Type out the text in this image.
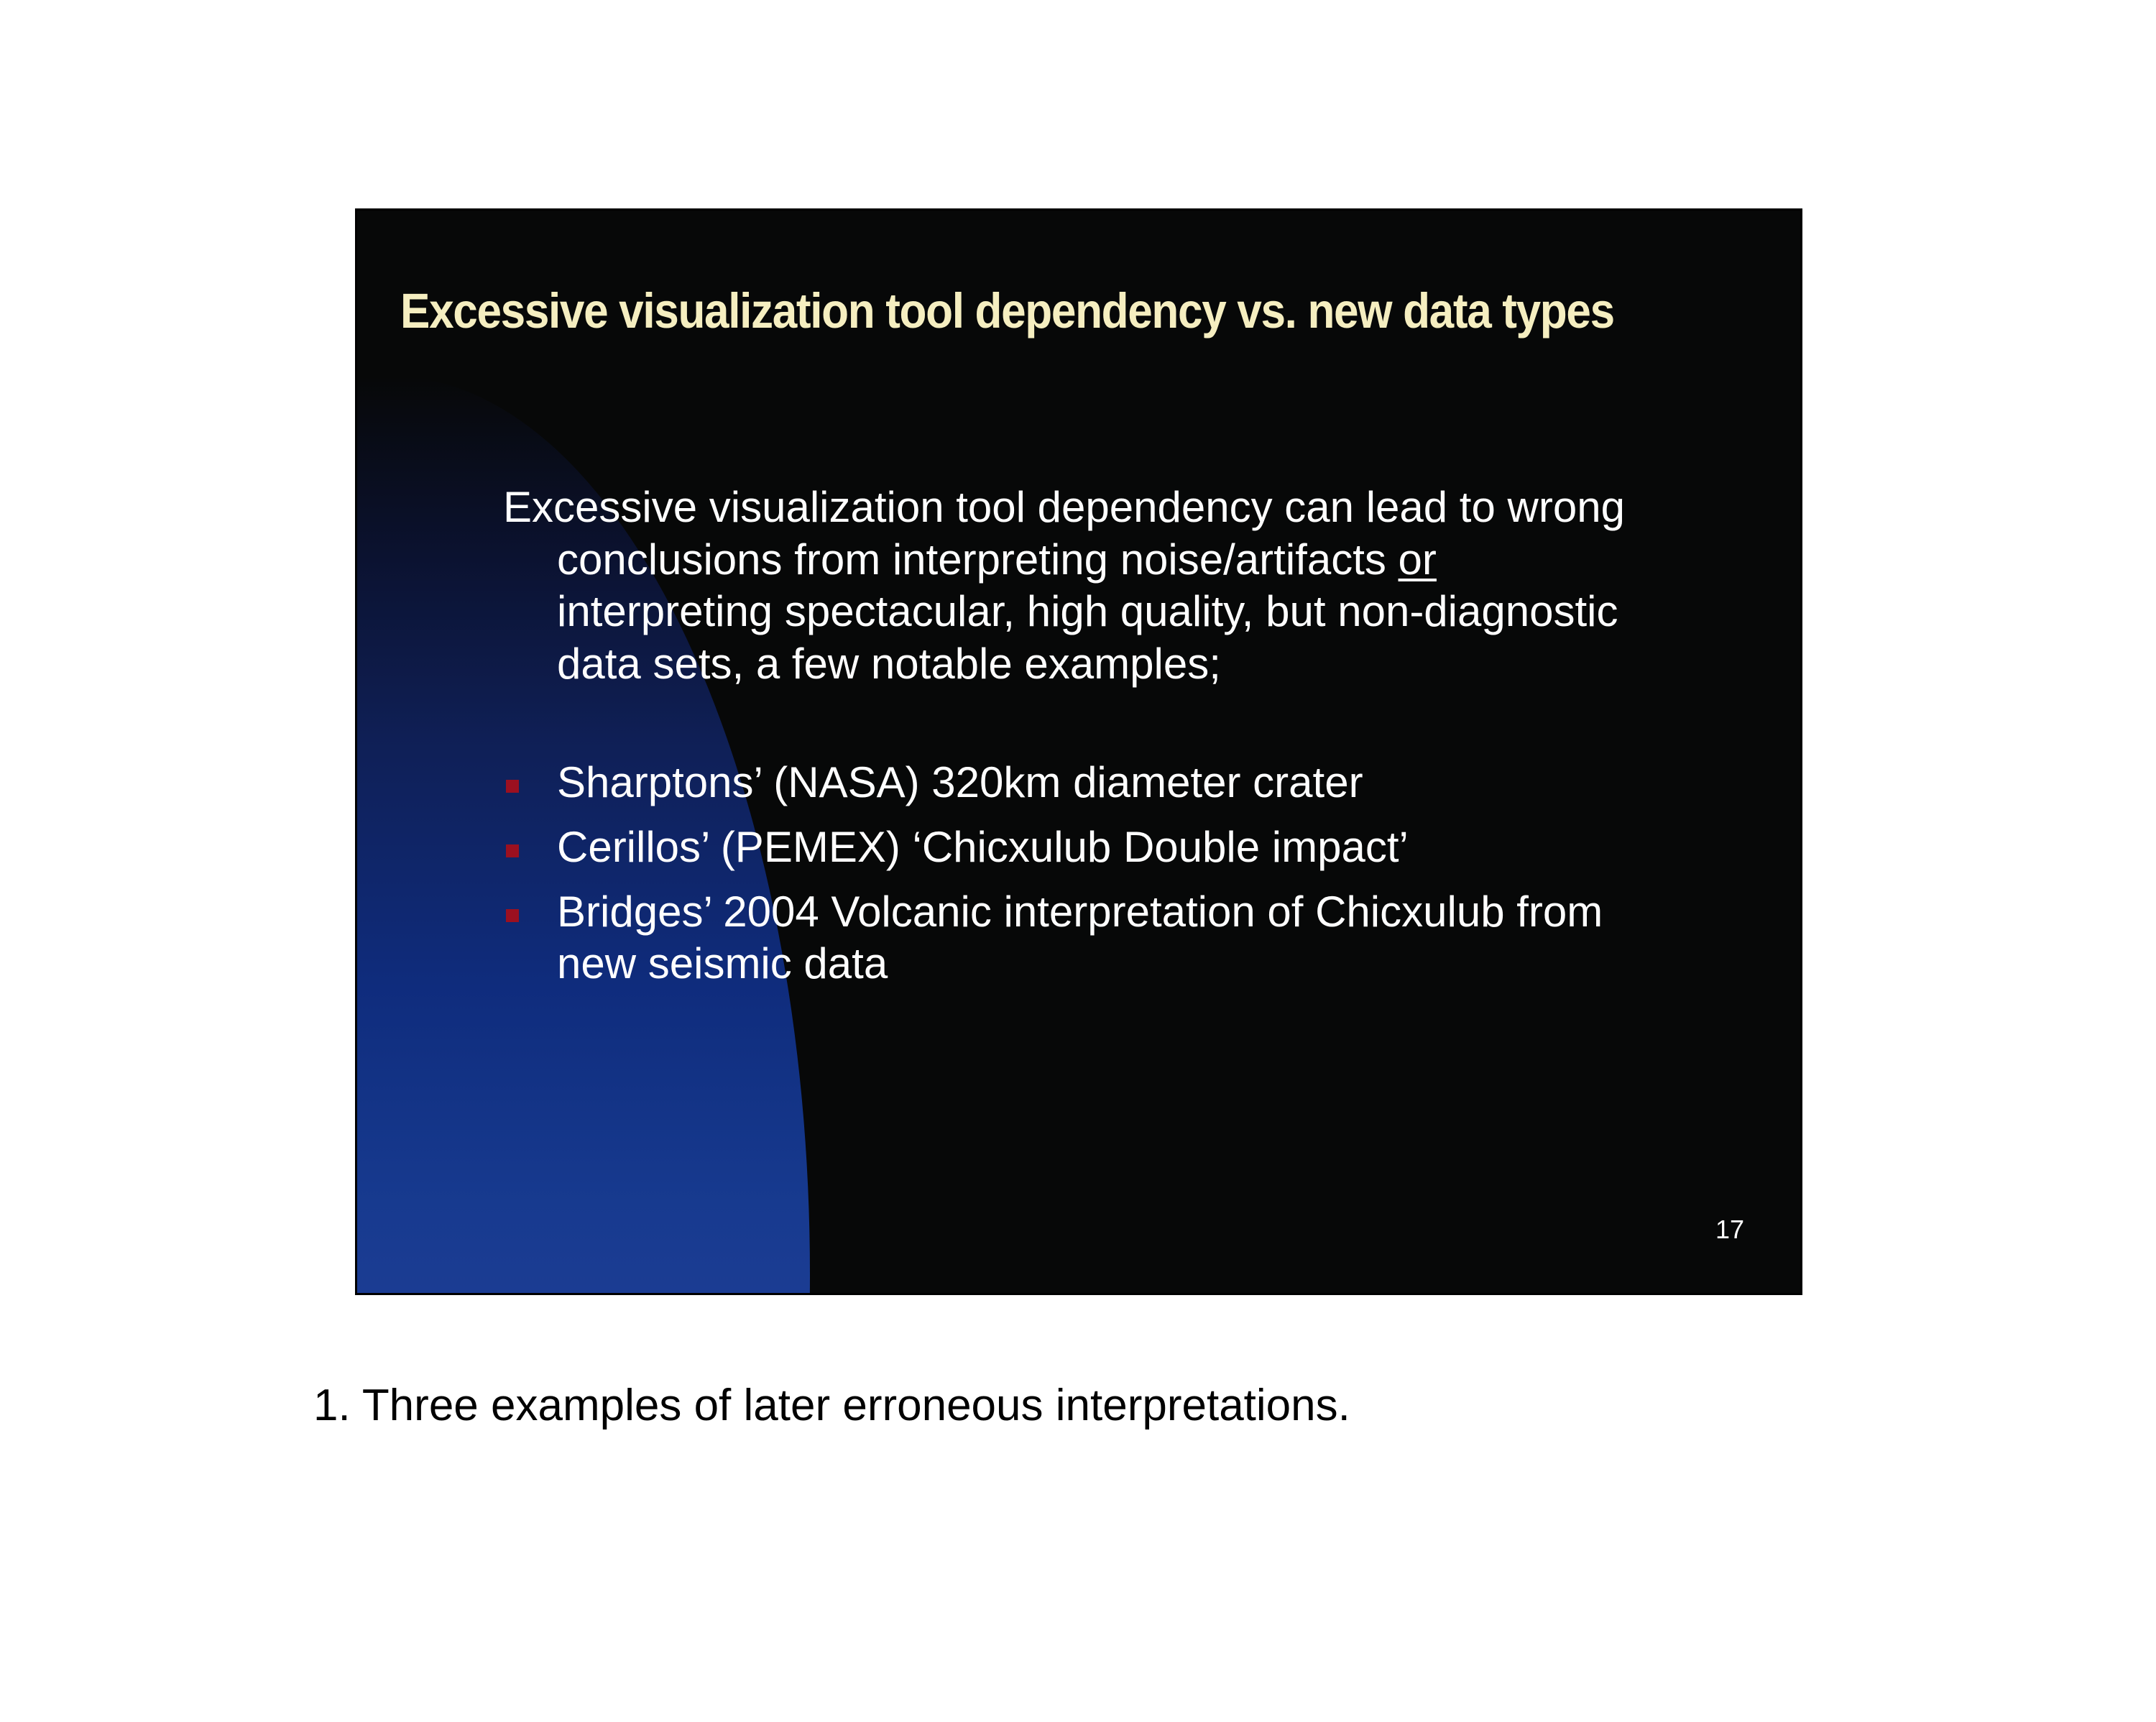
Excessive visualization tool dependency vs. new data types

Excessive visualization tool dependency can lead to wrong
conclusions from interpreting noise/artifacts or
interpreting spectacular, high quality, but non-diagnostic
data sets, a few notable examples;

Sharptons’ (NASA) 320km diameter crater
Cerillos’ (PEMEX) ‘Chicxulub Double impact’
Bridges’ 2004 Volcanic interpretation of Chicxulub from
new seismic data
17

1. Three examples of later erroneous interpretations.
